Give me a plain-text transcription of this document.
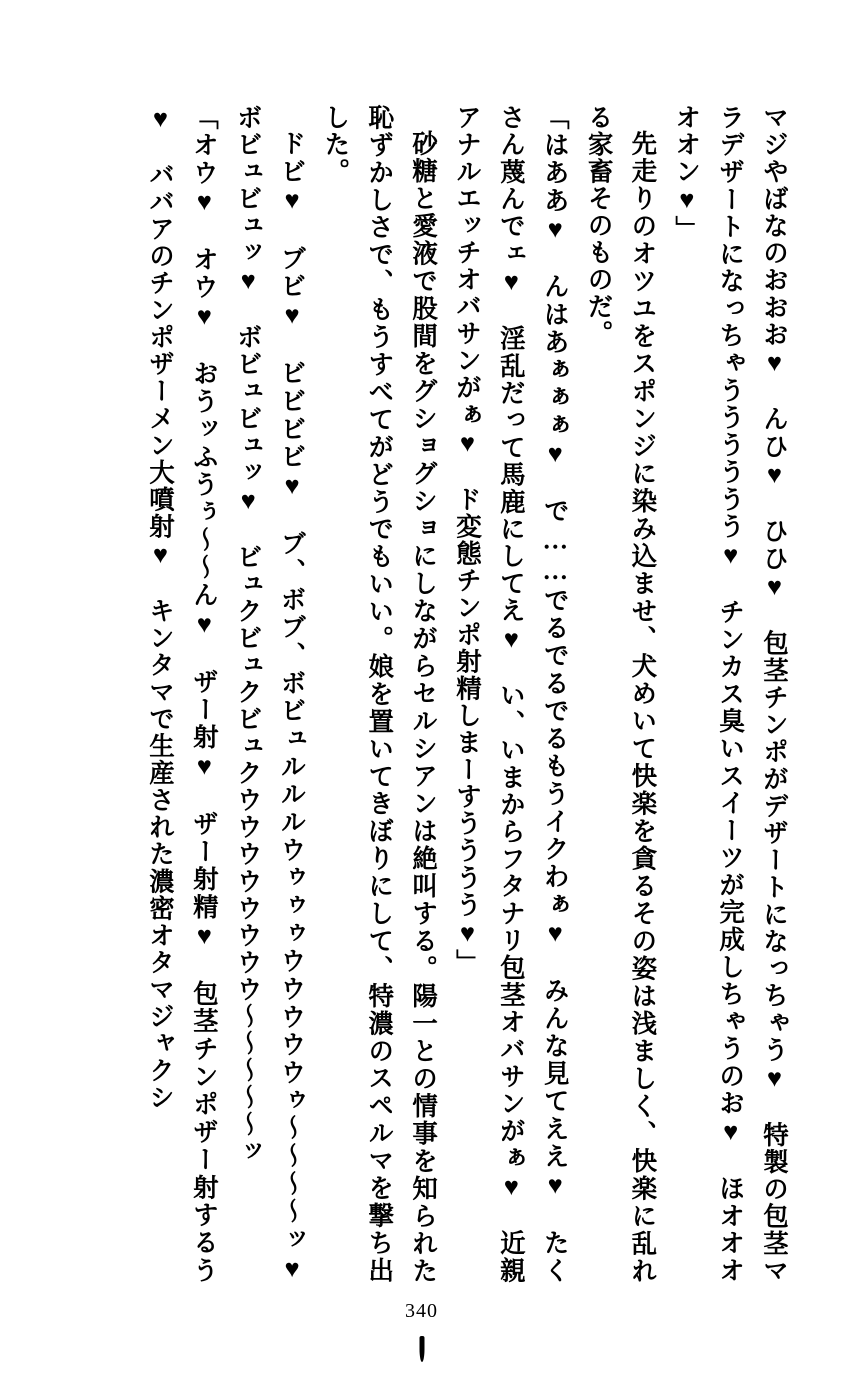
マジやばなのおおお♥　んひ♥　ひひ♥　包茎チンポがデザートになっちゃう♥　特製の包茎マラデザートになっちゃうううううう♥　チンカス臭いスイーツが完成しちゃうのお♥　ほオオオオオン♥」

先走りのオツユをスポンジに染み込ませ、犬めいて快楽を貪るその姿は浅ましく、快楽に乱れる家畜そのものだ。

「はああ♥　んはあぁぁぁ♥　で……でるでるでるもうイクわぁ♥　みんな見てええ♥　たくさん蔑んでェ♥　淫乱だって馬鹿にしてえ♥　い、いまからフタナリ包茎オバサンがぁ♥　近親アナルエッチオバサンがぁ♥　ド変態チンポ射精しまーすうううう♥」

砂糖と愛液で股間をグショグショにしながらセルシアンは絶叫する。陽一との情事を知られた恥ずかしさで、もうすべてがどうでもいい。娘を置いてきぼりにして、特濃のスペルマを撃ち出した。

ドビ♥　ブビ♥　ビビビビ♥　ブ、ボブ、ボビュルルルウゥゥゥウウウウウゥ～～～～ッ♥　ボビュビュッ♥　ボビュビュッ♥　ビュクビュクビュクウウウウウウウウ～～～～～ッ

「オウ♥　オウ♥　おうッふうぅ～～ん♥　ザー射♥　ザー射精♥　包茎チンポザー射するう♥　ババアのチンポザーメン大噴射♥　キンタマで生産された濃密オタマジャクシ

340
